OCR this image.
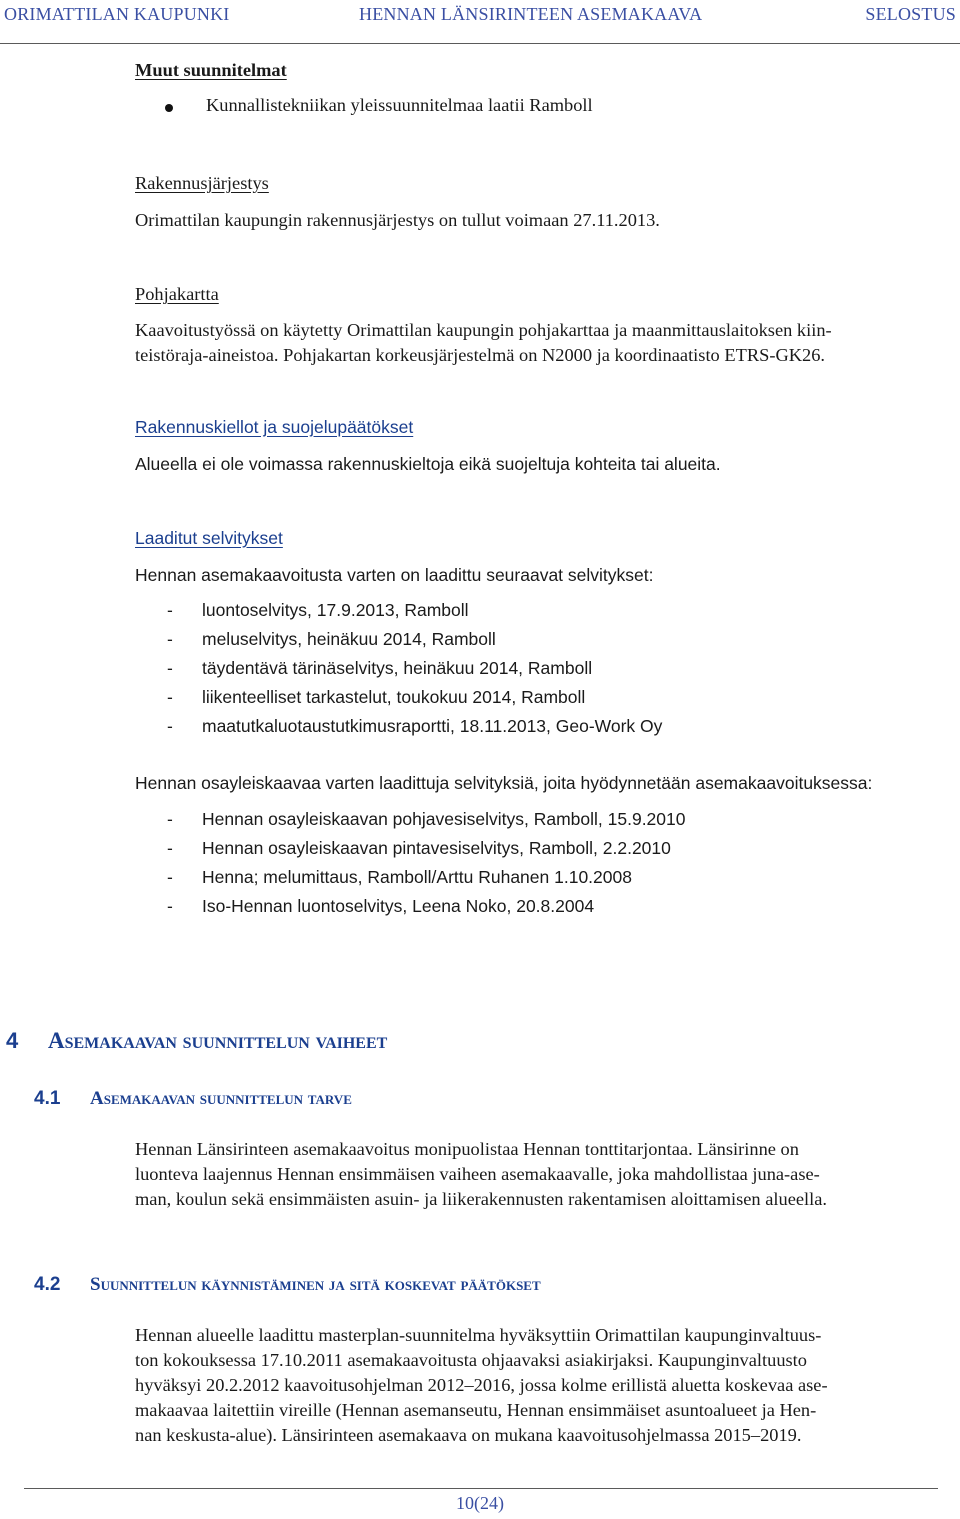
ORIMATTILAN KAUPUNKI	HENNAN LÄNSIRINTEEN ASEMAKAAVA	SELOSTUS
Muut suunnitelmat
Kunnallistekniikan yleissuunnitelmaa laatii Ramboll
Rakennusjärjestys
Orimattilan kaupungin rakennusjärjestys on tullut voimaan 27.11.2013.
Pohjakartta
Kaavoitustyössä on käytetty Orimattilan kaupungin pohjakarttaa ja maanmittauslaitoksen kiin-
teistöraja-aineistoa. Pohjakartan korkeusjärjestelmä on N2000 ja koordinaatisto ETRS-GK26.
Rakennuskiellot ja suojelupäätökset
Alueella ei ole voimassa rakennuskieltoja eikä suojeltuja kohteita tai alueita.
Laaditut selvitykset
Hennan asemakaavoitusta varten on laadittu seuraavat selvitykset:
- luontoselvitys, 17.9.2013, Ramboll
- meluselvitys, heinäkuu 2014, Ramboll
- täydentävä tärinäselvitys, heinäkuu 2014, Ramboll
- liikenteelliset tarkastelut, toukokuu 2014, Ramboll
- maatutkaluotaustutkimusraportti, 18.11.2013, Geo-Work Oy
Hennan osayleiskaavaa varten laadittuja selvityksiä, joita hyödynnetään asemakaavoituksessa:
- Hennan osayleiskaavan pohjavesiselvitys, Ramboll, 15.9.2010
- Hennan osayleiskaavan pintavesiselvitys, Ramboll, 2.2.2010
- Henna; melumittaus, Ramboll/Arttu Ruhanen 1.10.2008
- Iso-Hennan luontoselvitys, Leena Noko, 20.8.2004
4 Asemakaavan suunnittelun vaiheet
4.1 Asemakaavan suunnittelun tarve
Hennan Länsirinteen asemakaavoitus monipuolistaa Hennan tonttitarjontaa. Länsirinne on
luonteva laajennus Hennan ensimmäisen vaiheen asemakaavalle, joka mahdollistaa juna-ase-
man, koulun sekä ensimmäisten asuin- ja liikerakennusten rakentamisen aloittamisen alueella.
4.2 Suunnittelun käynnistäminen ja sitä koskevat päätökset
Hennan alueelle laadittu masterplan-suunnitelma hyväksyttiin Orimattilan kaupunginvaltuus-
ton kokouksessa 17.10.2011 asemakaavoitusta ohjaavaksi asiakirjaksi. Kaupunginvaltuusto
hyväksyi 20.2.2012 kaavoitusohjelman 2012–2016, jossa kolme erillistä aluetta koskevaa ase-
makaavaa laitettiin vireille (Hennan asemanseutu, Hennan ensimmäiset asuntoalueet ja Hen-
nan keskusta-alue). Länsirinteen asemakaava on mukana kaavoitusohjelmassa 2015–2019.
10(24)
